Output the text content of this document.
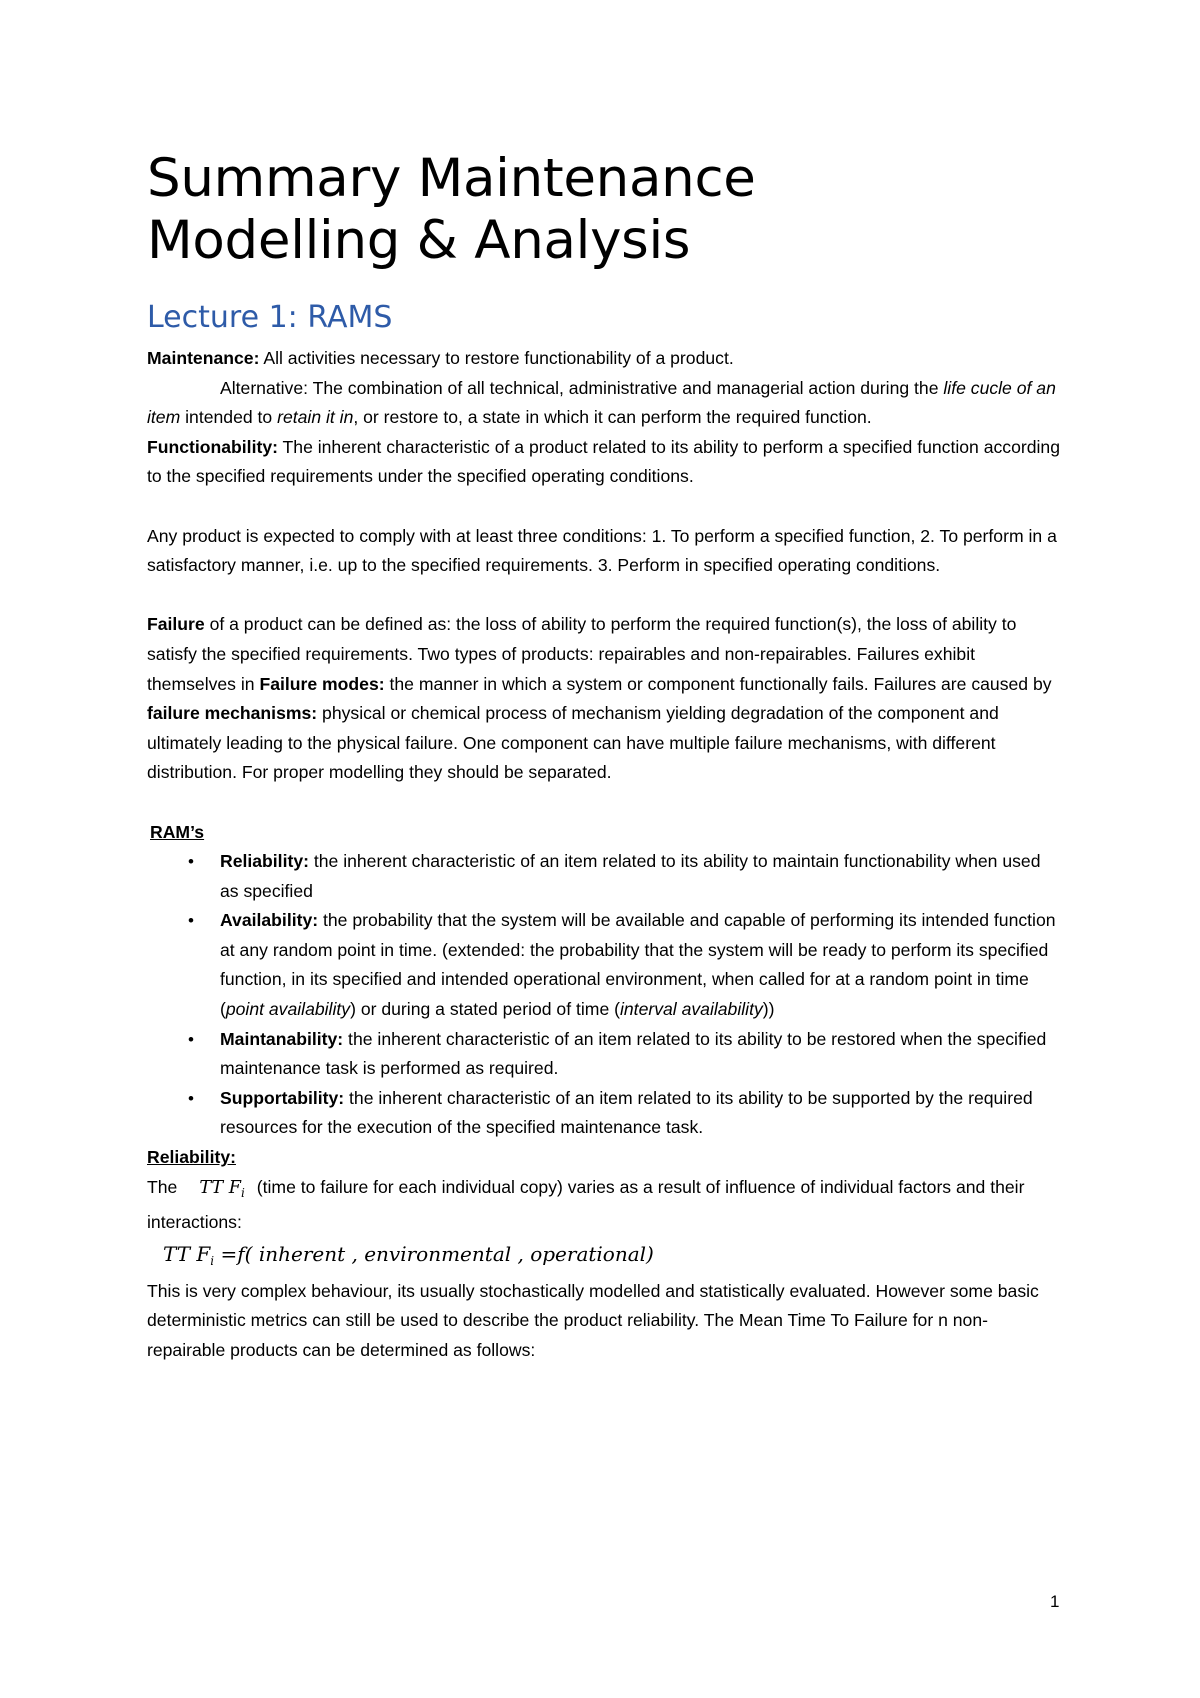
Summary Maintenance
Modelling & Analysis
Lecture 1: RAMS

Maintenance: All activities necessary to restore functionability of a product.

Alternative: The combination of all technical, administrative and managerial action during the life cucle of an item intended to retain it in, or restore to, a state in which it can perform the required function.

Functionability: The inherent characteristic of a product related to its ability to perform a specified function according to the specified requirements under the specified operating conditions.

Any product is expected to comply with at least three conditions: 1. To perform a specified function, 2. To perform in a satisfactory manner, i.e. up to the specified requirements. 3. Perform in specified operating conditions.

Failure of a product can be defined as: the loss of ability to perform the required function(s), the loss of ability to satisfy the specified requirements. Two types of products: repairables and non-repairables. Failures exhibit themselves in Failure modes: the manner in which a system or component functionally fails. Failures are caused by failure mechanisms: physical or chemical process of mechanism yielding degradation of the component and ultimately leading to the physical failure. One component can have multiple failure mechanisms, with different distribution. For proper modelling they should be separated.

RAM’s

• Reliability: the inherent characteristic of an item related to its ability to maintain functionability when used as specified
• Availability: the probability that the system will be available and capable of performing its intended function at any random point in time. (extended: the probability that the system will be ready to perform its specified function, in its specified and intended operational environment, when called for at a random point in time (point availability) or during a stated period of time (interval availability))
• Maintanability: the inherent characteristic of an item related to its ability to be restored when the specified maintenance task is performed as required.
• Supportability: the inherent characteristic of an item related to its ability to be supported by the required resources for the execution of the specified maintenance task.

Reliability:

The TT $F_i$ (time to failure for each individual copy) varies as a result of influence of individual factors and their interactions:

TT $F_i =f$( inherent , environmental , operational)

This is very complex behaviour, its usually stochastically modelled and statistically evaluated. However some basic deterministic metrics can still be used to describe the product reliability. The Mean Time To Failure for n non-repairable products can be determined as follows:

1
